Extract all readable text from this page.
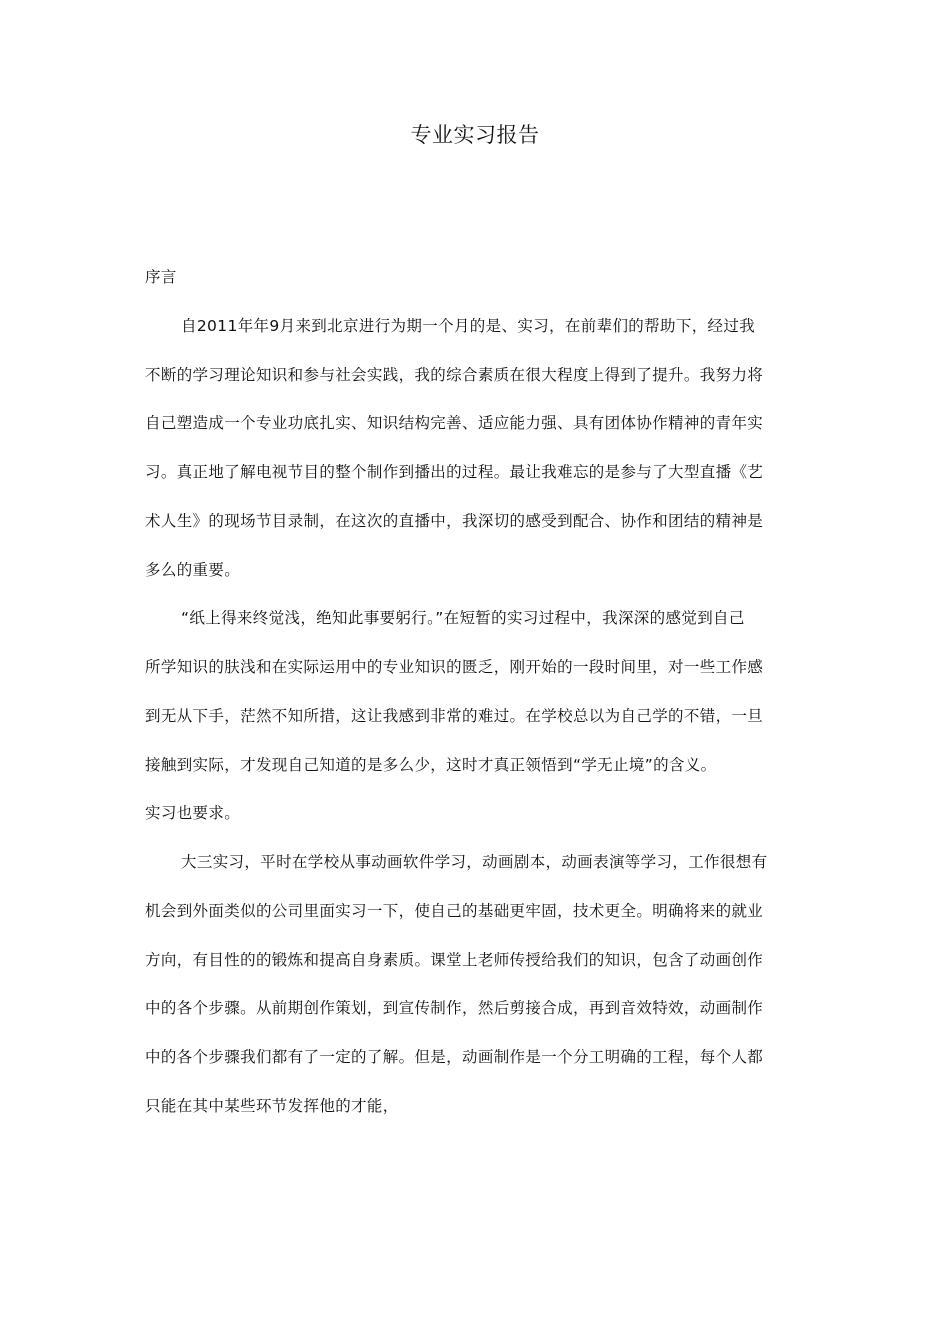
专业实习报告
序言
自2011年年9月来到北京进行为期一个月的是、实习，在前辈们的帮助下，经过我
不断的学习理论知识和参与社会实践，我的综合素质在很大程度上得到了提升。我努力将
自己塑造成一个专业功底扎实、知识结构完善、适应能力强、具有团体协作精神的青年实
习。真正地了解电视节目的整个制作到播出的过程。最让我难忘的是参与了大型直播《艺
术人生》的现场节目录制，在这次的直播中，我深切的感受到配合、协作和团结的精神是
多么的重要。
“纸上得来终觉浅，绝知此事要躬行。”在短暂的实习过程中，我深深的感觉到自己
所学知识的肤浅和在实际运用中的专业知识的匮乏，刚开始的一段时间里，对一些工作感
到无从下手，茫然不知所措，这让我感到非常的难过。在学校总以为自己学的不错，一旦
接触到实际，才发现自己知道的是多么少，这时才真正领悟到“学无止境”的含义。
实习也要求。
大三实习，平时在学校从事动画软件学习，动画剧本，动画表演等学习，工作很想有
机会到外面类似的公司里面实习一下，使自己的基础更牢固，技术更全。明确将来的就业
方向，有目性的的锻炼和提高自身素质。课堂上老师传授给我们的知识，包含了动画创作
中的各个步骤。从前期创作策划，到宣传制作，然后剪接合成，再到音效特效，动画制作
中的各个步骤我们都有了一定的了解。但是，动画制作是一个分工明确的工程，每个人都
只能在其中某些环节发挥他的才能，
